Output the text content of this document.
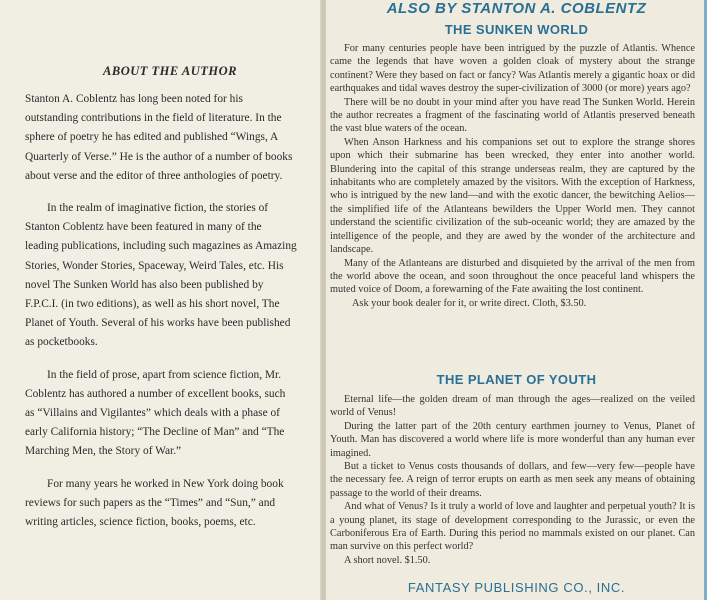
ABOUT THE AUTHOR

Stanton A. Coblentz has long been noted for his outstanding contributions in the field of literature. In the sphere of poetry he has edited and published “Wings, A Quarterly of Verse.” He is the author of a number of books about verse and the editor of three anthologies of poetry.

In the realm of imaginative fiction, the stories of Stanton Coblentz have been featured in many of the leading publications, including such magazines as Amazing Stories, Wonder Stories, Spaceway, Weird Tales, etc. His novel The Sunken World has also been published by F.P.C.I. (in two editions), as well as his short novel, The Planet of Youth. Several of his works have been published as pocketbooks.

In the field of prose, apart from science fiction, Mr. Coblentz has authored a number of excellent books, such as “Villains and Vigilantes” which deals with a phase of early California history; “The Decline of Man” and “The Marching Men, the Story of War.”

For many years he worked in New York doing book reviews for such papers as the “Times” and “Sun,” and writing articles, science fiction, books, poems, etc.

ALSO BY STANTON A. COBLENTZ
THE SUNKEN WORLD

For many centuries people have been intrigued by the puzzle of Atlantis. Whence came the legends that have woven a golden cloak of mystery about the strange continent? Were they based on fact or fancy? Was Atlantis merely a gigantic hoax or did earthquakes and tidal waves destroy the super-civilization of 3000 (or more) years ago?

There will be no doubt in your mind after you have read The Sunken World. Herein the author recreates a fragment of the fascinating world of Atlantis preserved beneath the vast blue waters of the ocean.

When Anson Harkness and his companions set out to explore the strange shores upon which their submarine has been wrecked, they enter into another world. Blundering into the capital of this strange underseas realm, they are captured by the inhabitants who are completely amazed by the visitors. With the exception of Harkness, who is intrigued by the new land—and with the exotic dancer, the bewitching Aelios—the simplified life of the Atlanteans bewilders the Upper World men. They cannot understand the scientific civilization of the sub-oceanic world; they are amazed by the intelligence of the people, and they are awed by the wonder of the architecture and landscape.

Many of the Atlanteans are disturbed and disquieted by the arrival of the men from the world above the ocean, and soon throughout the once peaceful land whispers the muted voice of Doom, a forewarning of the Fate awaiting the lost continent.

Ask your book dealer for it, or write direct. Cloth, $3.50.

THE PLANET OF YOUTH

Eternal life—the golden dream of man through the ages—realized on the veiled world of Venus!

During the latter part of the 20th century earthmen journey to Venus, Planet of Youth. Man has discovered a world where life is more wonderful than any human ever imagined.

But a ticket to Venus costs thousands of dollars, and few—very few—people have the necessary fee. A reign of terror erupts on earth as men seek any means of obtaining passage to the world of their dreams.

And what of Venus? Is it truly a world of love and laughter and perpetual youth? It is a young planet, its stage of development corresponding to the Jurassic, or even the Carboniferous Era of Earth. During this period no mammals existed on our planet. Can man survive on this perfect world?

A short novel. $1.50.

FANTASY PUBLISHING CO., INC.
